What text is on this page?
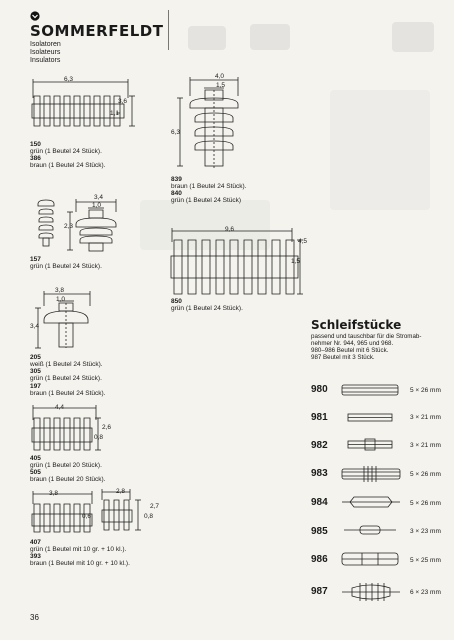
SOMMERFELDT
Isolatoren
Isolateurs
Insulators
6,3
3,6
1,1
150
grün (1 Beutel 24 Stück).
386
braun (1 Beutel 24 Stück).
4,0
1,5
6,3
839
braun (1 Beutel 24 Stück).
840
grün (1 Beutel 24 Stück)
3,4
1,0
2,3
157
grün (1 Beutel 24 Stück).
9,6
4,5
1,5
850
grün (1 Beutel 24 Stück).
3,8
1,0
3,4
205
weiß (1 Beutel 24 Stück).
305
grün (1 Beutel 24 Stück).
197
braun (1 Beutel 24 Stück).
4,4
2,6
0,8
405
grün (1 Beutel 20 Stück).
505
braun (1 Beutel 20 Stück).
3,8
0,6
2,8
2,7
0,8
407
grün (1 Beutel mit 10 gr. + 10 kl.).
393
braun (1 Beutel mit 10 gr. + 10 kl.).
Schleifstücke
passend und tauschbar für die Stromab-
nehmer Nr. 944, 965 und 968.
980–986 Beutel mit 6 Stück.
987 Beutel mit 3 Stück.
980	5 × 26 mm
981	3 × 21 mm
982	3 × 21 mm
983	5 × 26 mm
984	5 × 26 mm
985	3 × 23 mm
986	5 × 25 mm
987	6 × 23 mm
36
